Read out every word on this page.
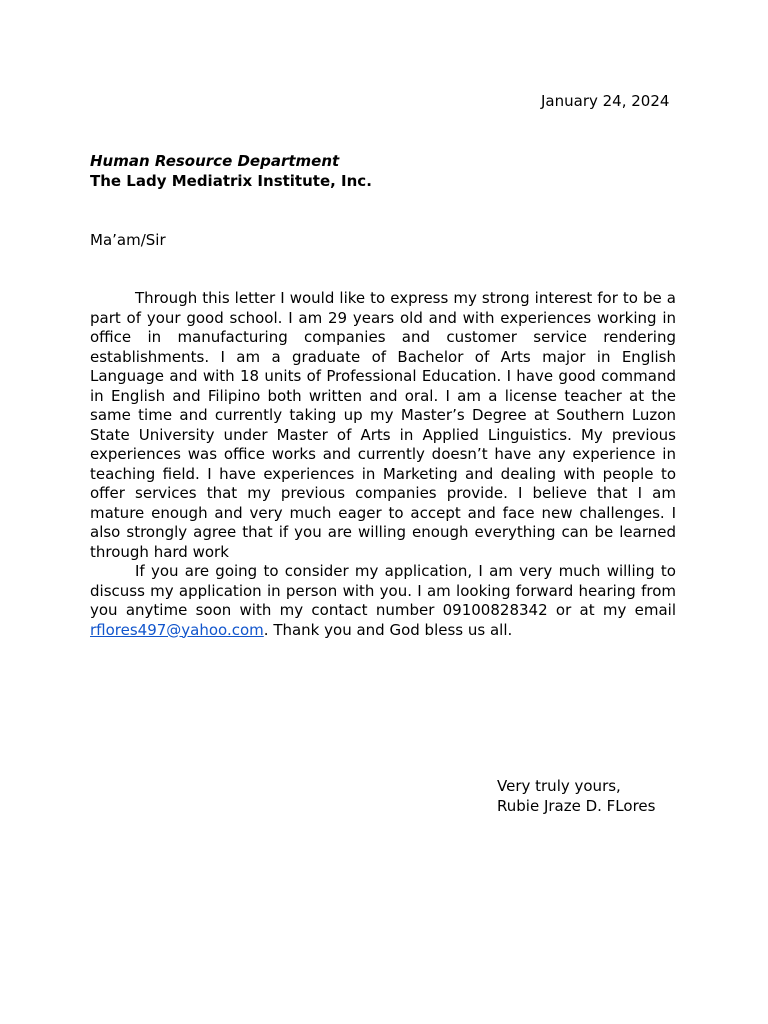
January 24, 2024
Human Resource Department
The Lady Mediatrix Institute, Inc.
Ma’am/Sir

Through this letter I would like to express my strong interest for to be a part of your good school. I am 29 years old and with experiences working in office in manufacturing companies and customer service rendering establishments. I am a graduate of Bachelor of Arts major in English Language and with 18 units of Professional Education. I have good command in English and Filipino both written and oral. I am a license teacher at the same time and currently taking up my Master’s Degree at Southern Luzon State University under Master of Arts in Applied Linguistics. My previous experiences was office works and currently doesn’t have any experience in teaching field. I have experiences in Marketing and dealing with people to offer services that my previous companies provide. I believe that I am mature enough and very much eager to accept and face new challenges. I also strongly agree that if you are willing enough everything can be learned through hard work

If you are going to consider my application, I am very much willing to discuss my application in person with you. I am looking forward hearing from you anytime soon with my contact number 09100828342 or at my email rflores497@yahoo.com. Thank you and God bless us all.

Very truly yours,
Rubie Jraze D. FLores
